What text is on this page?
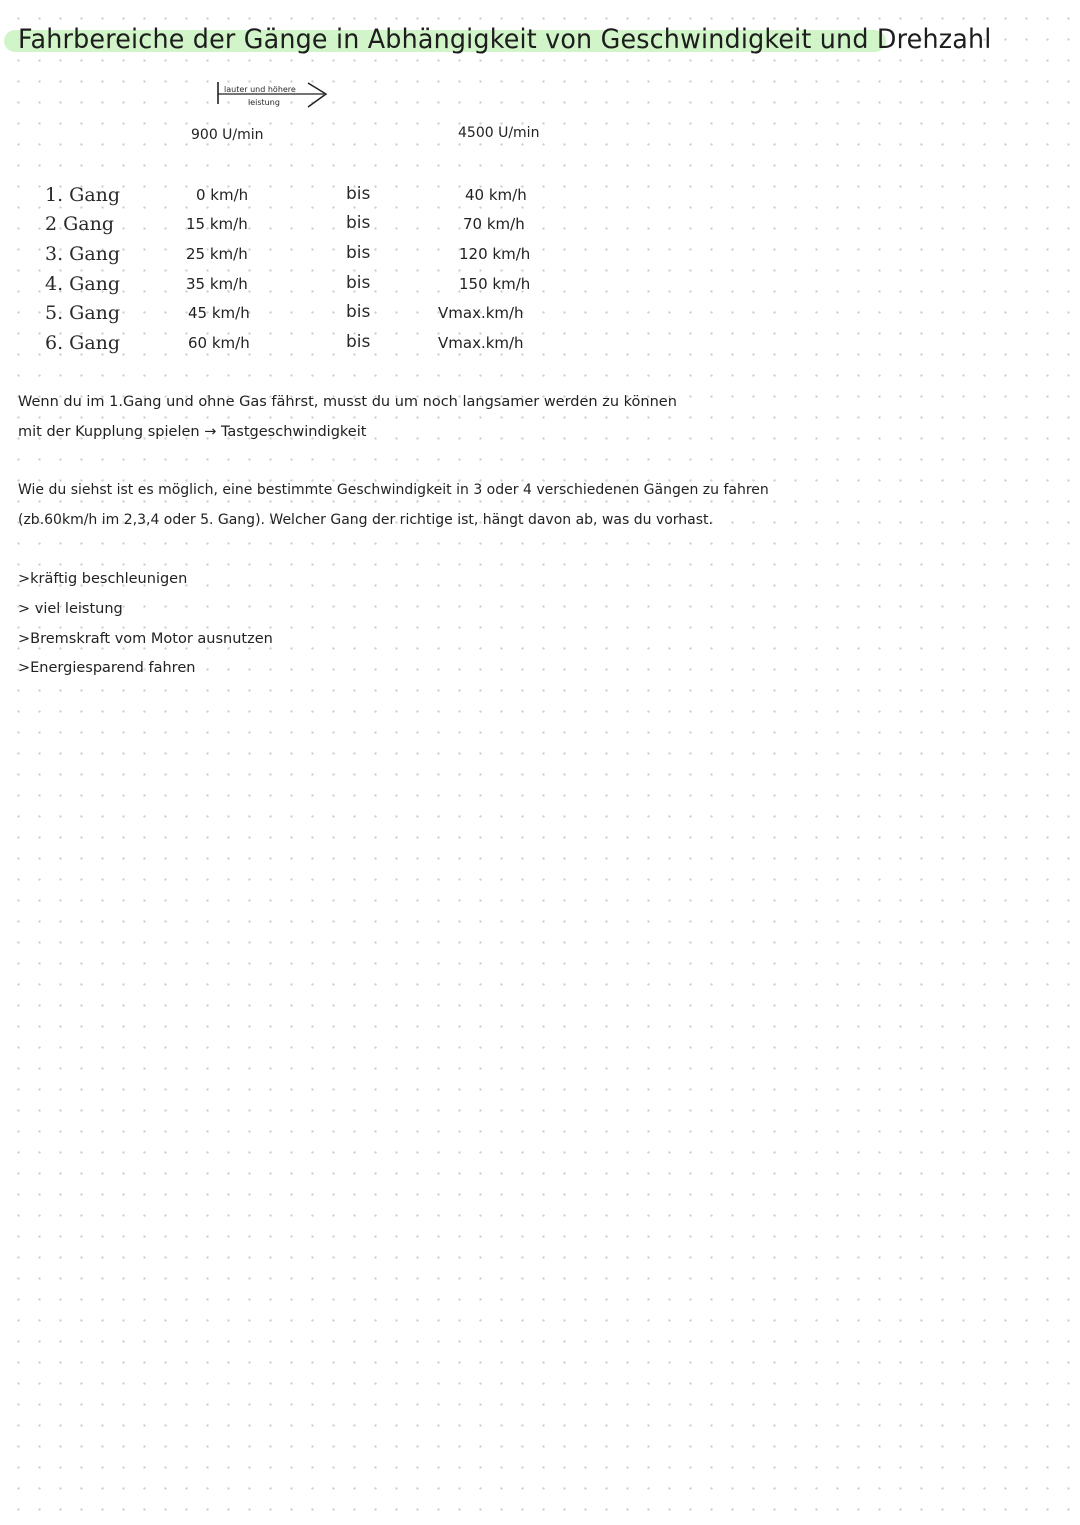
Fahrbereiche der Gänge in Abhängigkeit von Geschwindigkeit und Drehzahl
lauter und höhere
leistung
900 U/min	4500 U/min
1. Gang	0 km/h	bis	40 km/h
2 Gang	15 km/h	bis	70 km/h
3. Gang	25 km/h	bis	120 km/h
4. Gang	35 km/h	bis	150 km/h
5. Gang	45 km/h	bis	Vmax.km/h
6. Gang	60 km/h	bis	Vmax.km/h
Wenn du im 1.Gang und ohne Gas fährst, musst du um noch langsamer werden zu können
mit der Kupplung spielen → Tastgeschwindigkeit
Wie du siehst ist es möglich, eine bestimmte Geschwindigkeit in 3 oder 4 verschiedenen Gängen zu fahren
(zb.60km/h im 2,3,4 oder 5. Gang). Welcher Gang der richtige ist, hängt davon ab, was du vorhast.
>kräftig beschleunigen
> viel leistung
>Bremskraft vom Motor ausnutzen
>Energiesparend fahren
